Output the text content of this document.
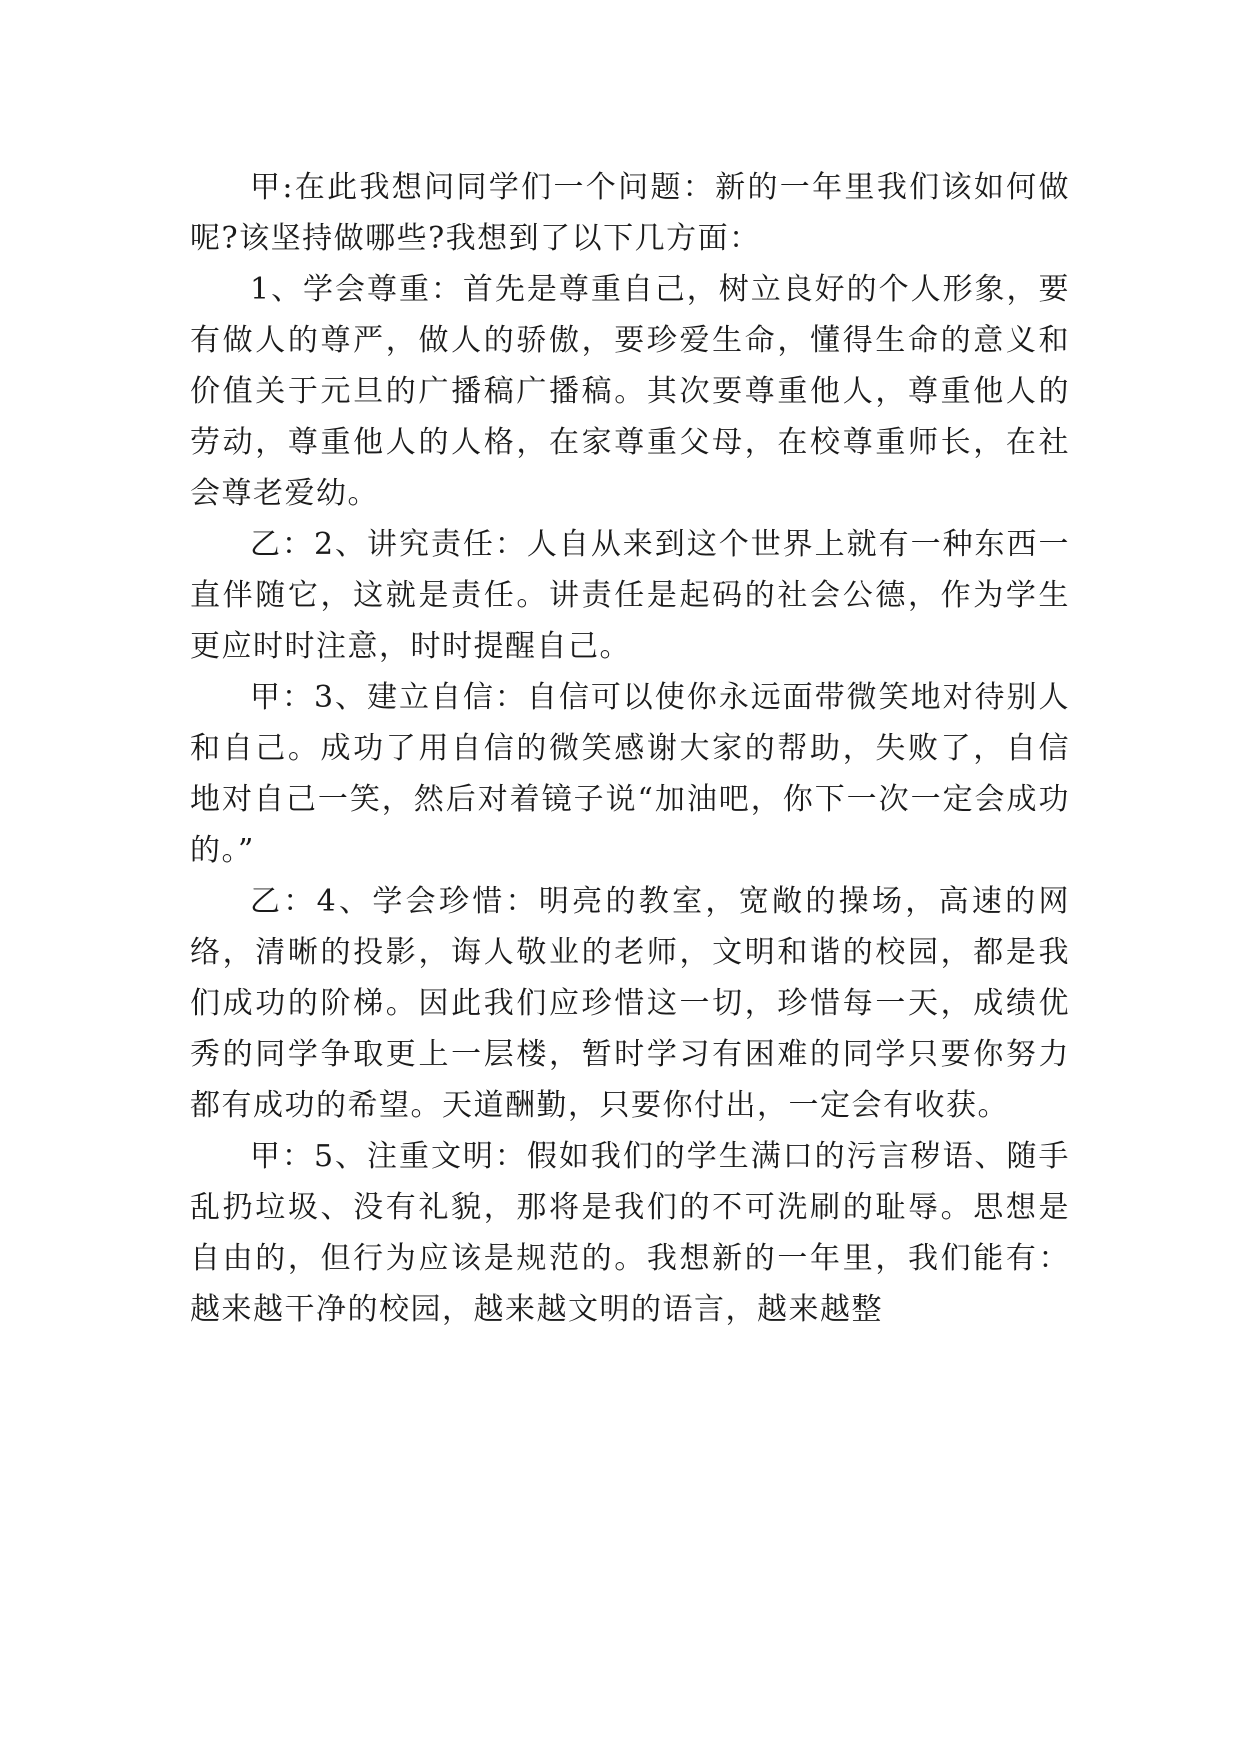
甲:在此我想问同学们一个问题：新的一年里我们该如何做呢?该坚持做哪些?我想到了以下几方面：

1、学会尊重：首先是尊重自己，树立良好的个人形象，要有做人的尊严，做人的骄傲，要珍爱生命，懂得生命的意义和价值关于元旦的广播稿广播稿。其次要尊重他人，尊重他人的劳动，尊重他人的人格，在家尊重父母，在校尊重师长，在社会尊老爱幼。

乙：2、讲究责任：人自从来到这个世界上就有一种东西一直伴随它，这就是责任。讲责任是起码的社会公德，作为学生更应时时注意，时时提醒自己。

甲：3、建立自信：自信可以使你永远面带微笑地对待别人和自己。成功了用自信的微笑感谢大家的帮助，失败了，自信地对自己一笑，然后对着镜子说“加油吧，你下一次一定会成功的。”

乙：4、学会珍惜：明亮的教室，宽敞的操场，高速的网络，清晰的投影，诲人敬业的老师，文明和谐的校园，都是我们成功的阶梯。因此我们应珍惜这一切，珍惜每一天，成绩优秀的同学争取更上一层楼，暂时学习有困难的同学只要你努力都有成功的希望。天道酬勤，只要你付出，一定会有收获。

甲：5、注重文明：假如我们的学生满口的污言秽语、随手乱扔垃圾、没有礼貌，那将是我们的不可洗刷的耻辱。思想是自由的，但行为应该是规范的。我想新的一年里，我们能有：越来越干净的校园，越来越文明的语言，越来越整
